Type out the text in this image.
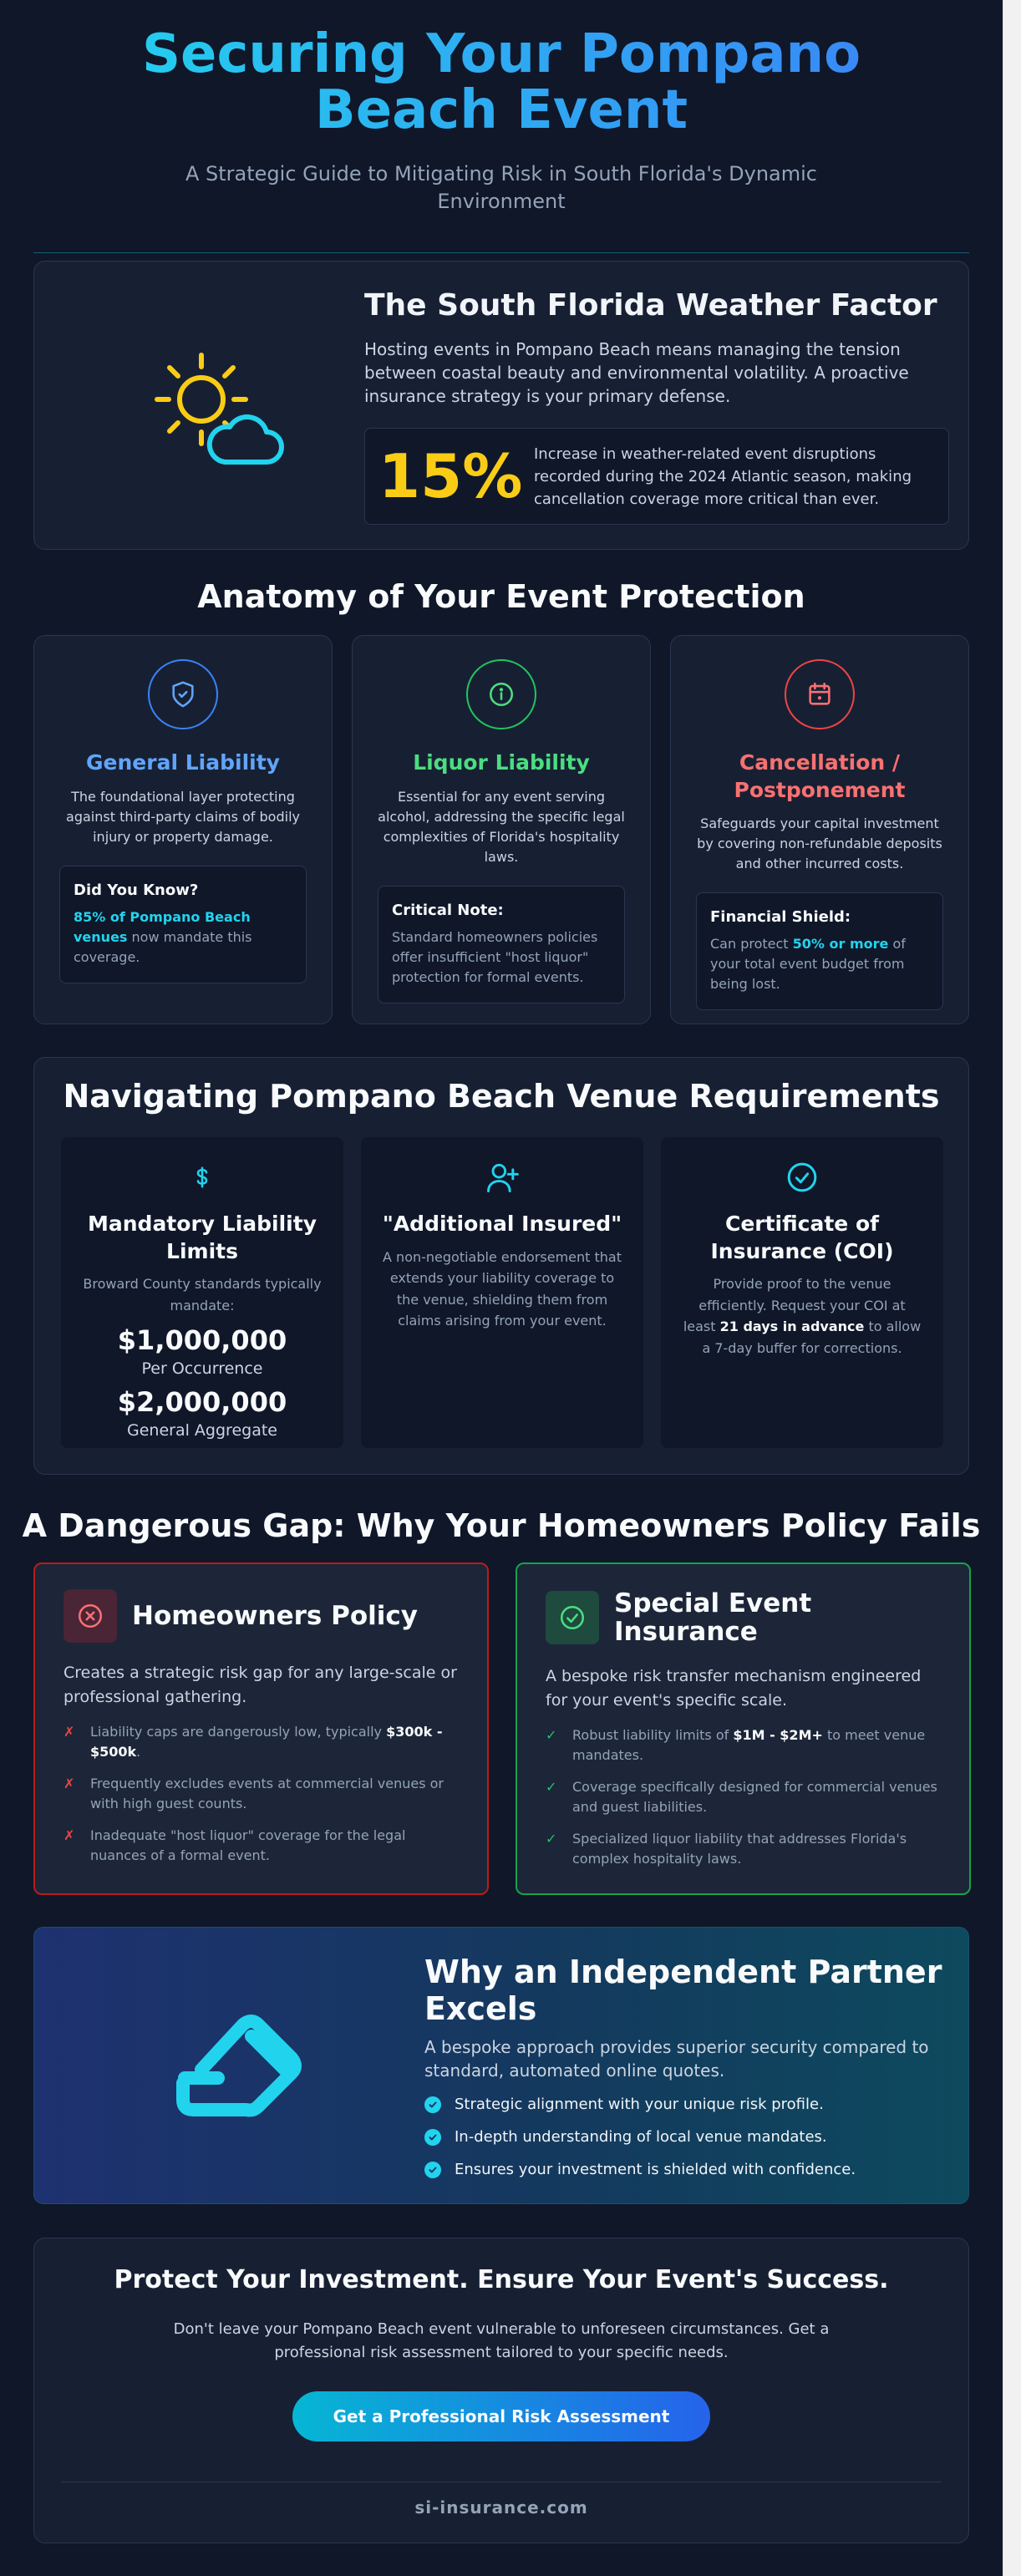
Securing Your Pompano Beach Event

A Strategic Guide to Mitigating Risk in South Florida's Dynamic Environment

The South Florida Weather Factor

Hosting events in Pompano Beach means managing the tension between coastal beauty and environmental volatility. A proactive insurance strategy is your primary defense.

15% Increase in weather-related event disruptions recorded during the 2024 Atlantic season, making cancellation coverage more critical than ever.
Anatomy of Your Event Protection
General Liability

The foundational layer protecting against third-party claims of bodily injury or property damage.

Did You Know?
85% of Pompano Beach venues now mandate this coverage.
Liquor Liability

Essential for any event serving alcohol, addressing the specific legal complexities of Florida's hospitality laws.

Critical Note:
Standard homeowners policies offer insufficient "host liquor" protection for formal events.
Cancellation / Postponement

Safeguards your capital investment by covering non-refundable deposits and other incurred costs.

Financial Shield:
Can protect 50% or more of your total event budget from being lost.
Mandatory Liability Limits

Broward County standards typically mandate:

$1,000,000
Per Occurrence
$2,000,000
General Aggregate
"Additional Insured"

A non-negotiable endorsement that extends your liability coverage to the venue, shielding them from claims arising from your event.

Certificate of Insurance (COI)

Provide proof to the venue efficiently. Request your COI at least 21 days in advance to allow a 7-day buffer for corrections.

Navigating Pompano Beach Venue Requirements
A Dangerous Gap: Why Your Homeowners Policy Fails
Homeowners Policy

Creates a strategic risk gap for any large-scale or professional gathering.

✗	Liability caps are dangerously low, typically $300k - $500k.
✗	Frequently excludes events at commercial venues or with high guest counts.
✗	Inadequate "host liquor" coverage for the legal nuances of a formal event.
Special Event Insurance

A bespoke risk transfer mechanism engineered for your event's specific scale.

✓	Robust liability limits of $1M - $2M+ to meet venue mandates.
✓	Coverage specifically designed for commercial venues and guest liabilities.
✓	Specialized liquor liability that addresses Florida's complex hospitality laws.
Why an Independent Partner Excels

A bespoke approach provides superior security compared to standard, automated online quotes.

Strategic alignment with your unique risk profile.
In-depth understanding of local venue mandates.
Ensures your investment is shielded with confidence.
Protect Your Investment. Ensure Your Event's Success.

Don't leave your Pompano Beach event vulnerable to unforeseen circumstances. Get a professional risk assessment tailored to your specific needs.

Get a Professional Risk Assessment
si-insurance.com
